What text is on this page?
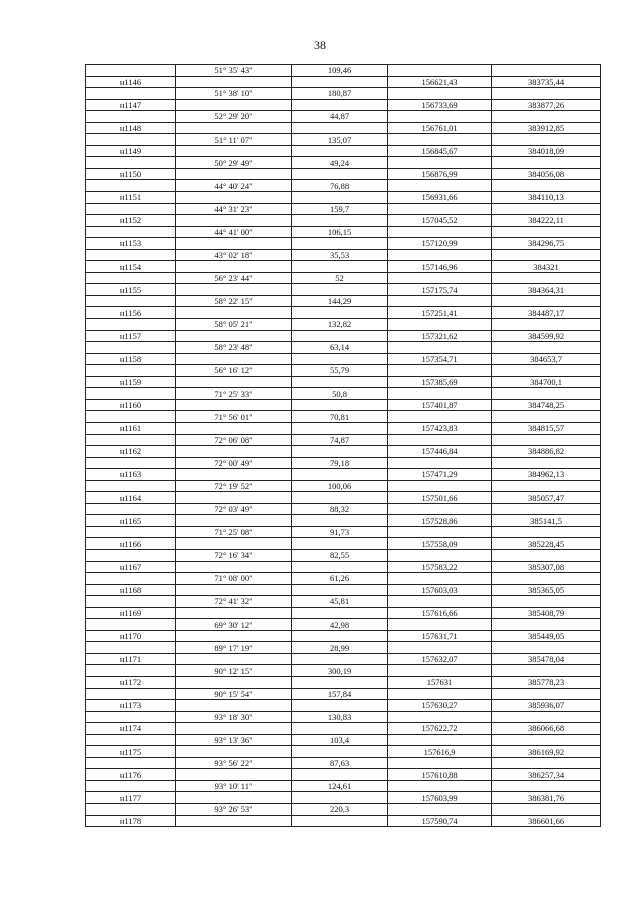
38
	51° 35' 43"	109,46		
н1146			156621,43	383735,44
	51° 38' 10"	180,87		
н1147			156733,69	383877,26
	52° 29' 20"	44,87		
н1148			156761,01	383912,85
	51° 11' 07"	135,07		
н1149			156845,67	384018,09
	50° 29' 49"	49,24		
н1150			156876,99	384056,08
	44° 40' 24"	76,88		
н1151			156931,66	384110,13
	44° 31' 23"	159,7		
н1152			157045,52	384222,11
	44° 41' 00"	106,15		
н1153			157120,99	384296,75
	43° 02' 18"	35,53		
н1154			157146,96	384321
	56° 23' 44"	52		
н1155			157175,74	384364,31
	58° 22' 15"	144,29		
н1156			157251,41	384487,17
	58° 05' 21"	132,82		
н1157			157321,62	384599,92
	58° 23' 48"	63,14		
н1158			157354,71	384653,7
	56° 16' 12"	55,79		
н1159			157385,69	384700,1
	71° 25' 33"	50,8		
н1160			157401,87	384748,25
	71° 56' 01"	70,81		
н1161			157423,83	384815,57
	72° 06' 08"	74,87		
н1162			157446,84	384886,82
	72° 00' 49"	79,18		
н1163			157471,29	384962,13
	72° 19' 52"	100,06		
н1164			157501,66	385057,47
	72° 03' 49"	88,32		
н1165			157528,86	385141,5
	71° 25' 08"	91,73		
н1166			157558,09	385228,45
	72° 16' 34"	82,55		
н1167			157583,22	385307,08
	71° 08' 00"	61,26		
н1168			157603,03	385365,05
	72° 41' 32"	45,81		
н1169			157616,66	385408,79
	69° 30' 12"	42,98		
н1170			157631,71	385449,05
	89° 17' 19"	28,99		
н1171			157632,07	385478,04
	90° 12' 15"	300,19		
н1172			157631	385778,23
	90° 15' 54"	157,84		
н1173			157630,27	385936,07
	93° 18' 30"	130,83		
н1174			157622,72	386066,68
	93° 13' 36"	103,4		
н1175			157616,9	386169,92
	93° 56' 22"	87,63		
н1176			157610,88	386257,34
	93° 10' 11"	124,61		
н1177			157603,99	386381,76
	93° 26' 53"	220,3		
н1178			157590,74	386601,66
